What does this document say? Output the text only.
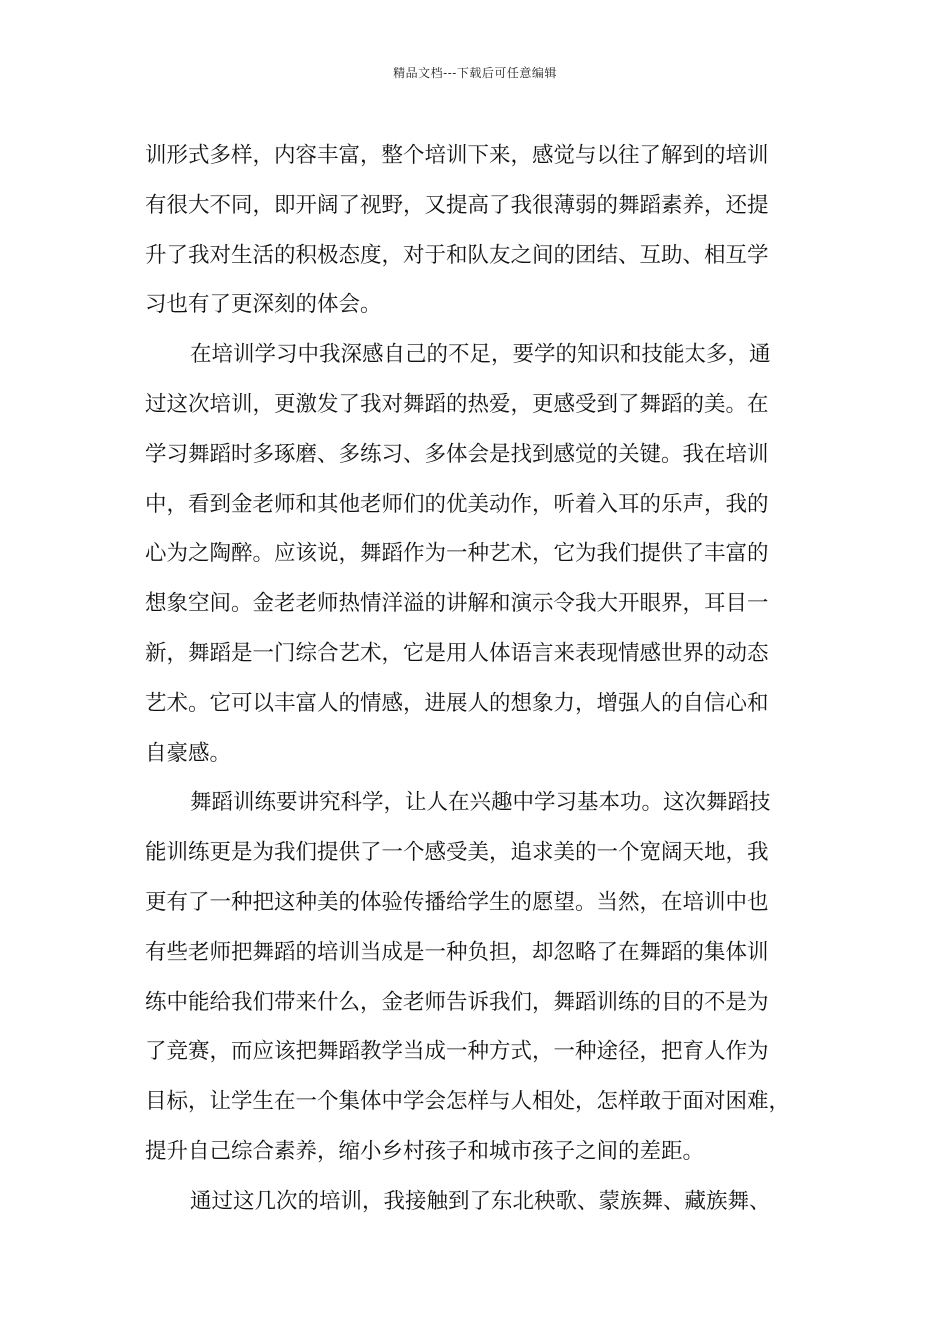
精品文档---下载后可任意编辑
训形式多样，内容丰富，整个培训下来，感觉与以往了解到的培训
有很大不同，即开阔了视野，又提高了我很薄弱的舞蹈素养，还提
升了我对生活的积极态度，对于和队友之间的团结、互助、相互学
习也有了更深刻的体会。
在培训学习中我深感自己的不足，要学的知识和技能太多，通
过这次培训，更激发了我对舞蹈的热爱，更感受到了舞蹈的美。在
学习舞蹈时多琢磨、多练习、多体会是找到感觉的关键。我在培训
中，看到金老师和其他老师们的优美动作，听着入耳的乐声，我的
心为之陶醉。应该说，舞蹈作为一种艺术，它为我们提供了丰富的
想象空间。金老老师热情洋溢的讲解和演示令我大开眼界，耳目一
新，舞蹈是一门综合艺术，它是用人体语言来表现情感世界的动态
艺术。它可以丰富人的情感，进展人的想象力，增强人的自信心和
自豪感。
舞蹈训练要讲究科学，让人在兴趣中学习基本功。这次舞蹈技
能训练更是为我们提供了一个感受美，追求美的一个宽阔天地，我
更有了一种把这种美的体验传播给学生的愿望。当然，在培训中也
有些老师把舞蹈的培训当成是一种负担，却忽略了在舞蹈的集体训
练中能给我们带来什么，金老师告诉我们，舞蹈训练的目的不是为
了竞赛，而应该把舞蹈教学当成一种方式，一种途径，把育人作为
目标，让学生在一个集体中学会怎样与人相处，怎样敢于面对困难，
提升自己综合素养，缩小乡村孩子和城市孩子之间的差距。
通过这几次的培训，我接触到了东北秧歌、蒙族舞、藏族舞、
